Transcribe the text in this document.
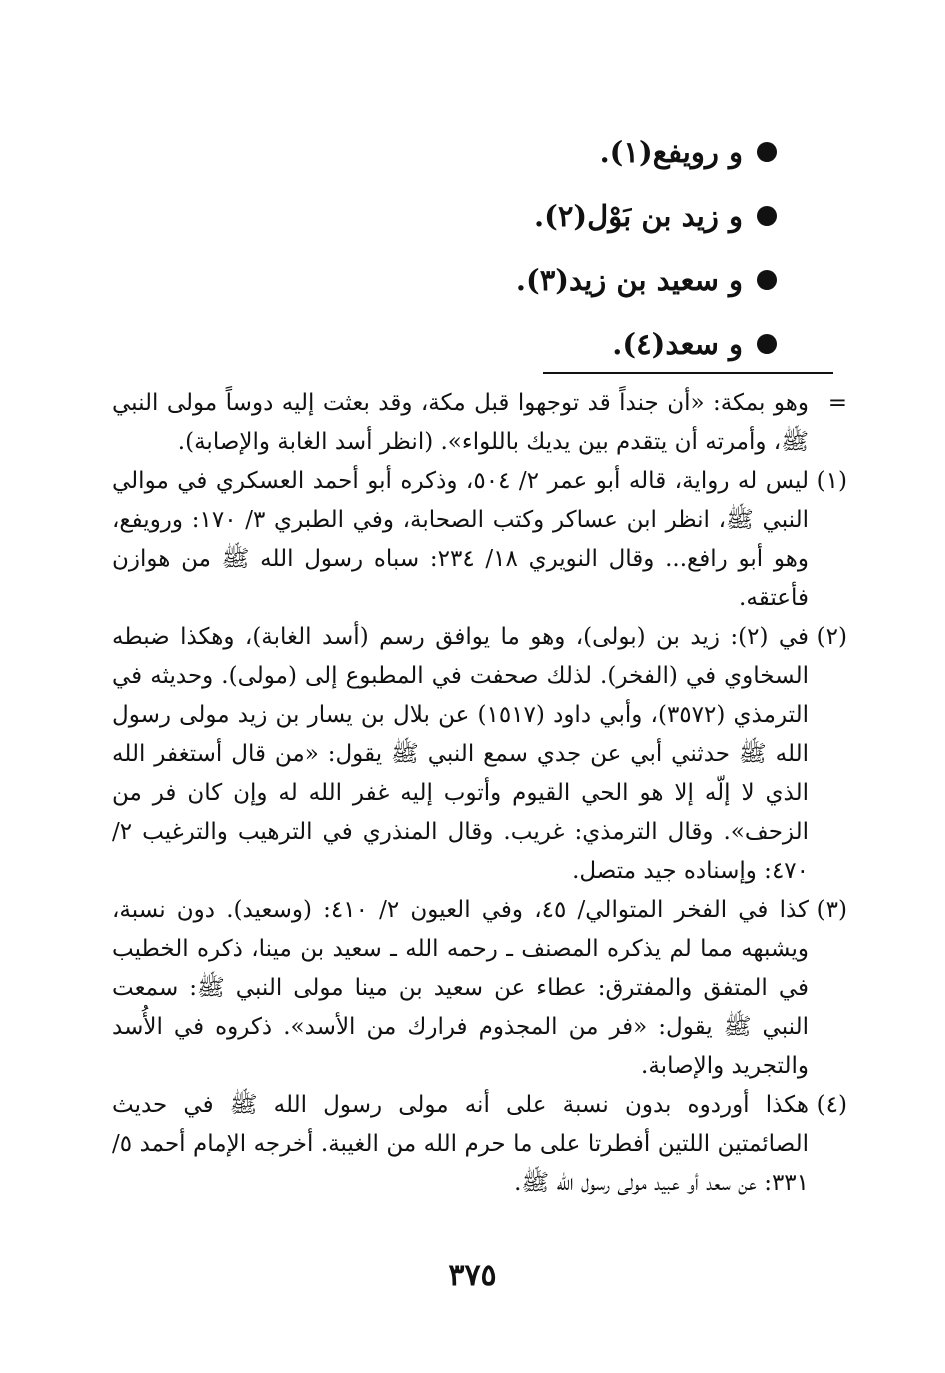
و رويفع(١).
و زيد بن بَوْل(٢).
و سعيد بن زيد(٣).
و سعد(٤).
=
وهو بمكة: «أن جنداً قد توجهوا قبل مكة، وقد بعثت إليه دوساً مولى النبي ﷺ، وأمرته أن يتقدم بين يديك باللواء». (انظر أسد الغابة والإصابة).
(١)
ليس له رواية، قاله أبو عمر ٢/ ٥٠٤، وذكره أبو أحمد العسكري في موالي النبي ﷺ، انظر ابن عساكر وكتب الصحابة، وفي الطبري ٣/ ١٧٠: ورويفع، وهو أبو رافع... وقال النويري ١٨/ ٢٣٤: سباه رسول الله ﷺ من هوازن فأعتقه.
(٢)
في (٢): زيد بن (بولى)، وهو ما يوافق رسم (أسد الغابة)، وهكذا ضبطه السخاوي في (الفخر). لذلك صحفت في المطبوع إلى (مولى). وحديثه في الترمذي (٣٥٧٢)، وأبي داود (١٥١٧) عن بلال بن يسار بن زيد مولى رسول الله ﷺ حدثني أبي عن جدي سمع النبي ﷺ يقول: «من قال أستغفر الله الذي لا إلّه إلا هو الحي القيوم وأتوب إليه غفر الله له وإن كان فر من الزحف». وقال الترمذي: غريب. وقال المنذري في الترهيب والترغيب ٢/ ٤٧٠: وإسناده جيد متصل.
(٣)
كذا في الفخر المتوالي/ ٤٥، وفي العيون ٢/ ٤١٠: (وسعيد). دون نسبة، ويشبهه مما لم يذكره المصنف ـ رحمه الله ـ سعيد بن مينا، ذكره الخطيب في المتفق والمفترق: عطاء عن سعيد بن مينا مولى النبي ﷺ: سمعت النبي ﷺ يقول: «فر من المجذوم فرارك من الأسد». ذكروه في الأُسد والتجريد والإصابة.
(٤)
هكذا أوردوه بدون نسبة على أنه مولى رسول الله ﷺ في حديث الصائمتين اللتين أفطرتا على ما حرم الله من الغيبة. أخرجه الإمام أحمد ٥/ ٣٣١: عن سعد أو عبيد مولى رسول الله ﷺ.
٣٧٥
